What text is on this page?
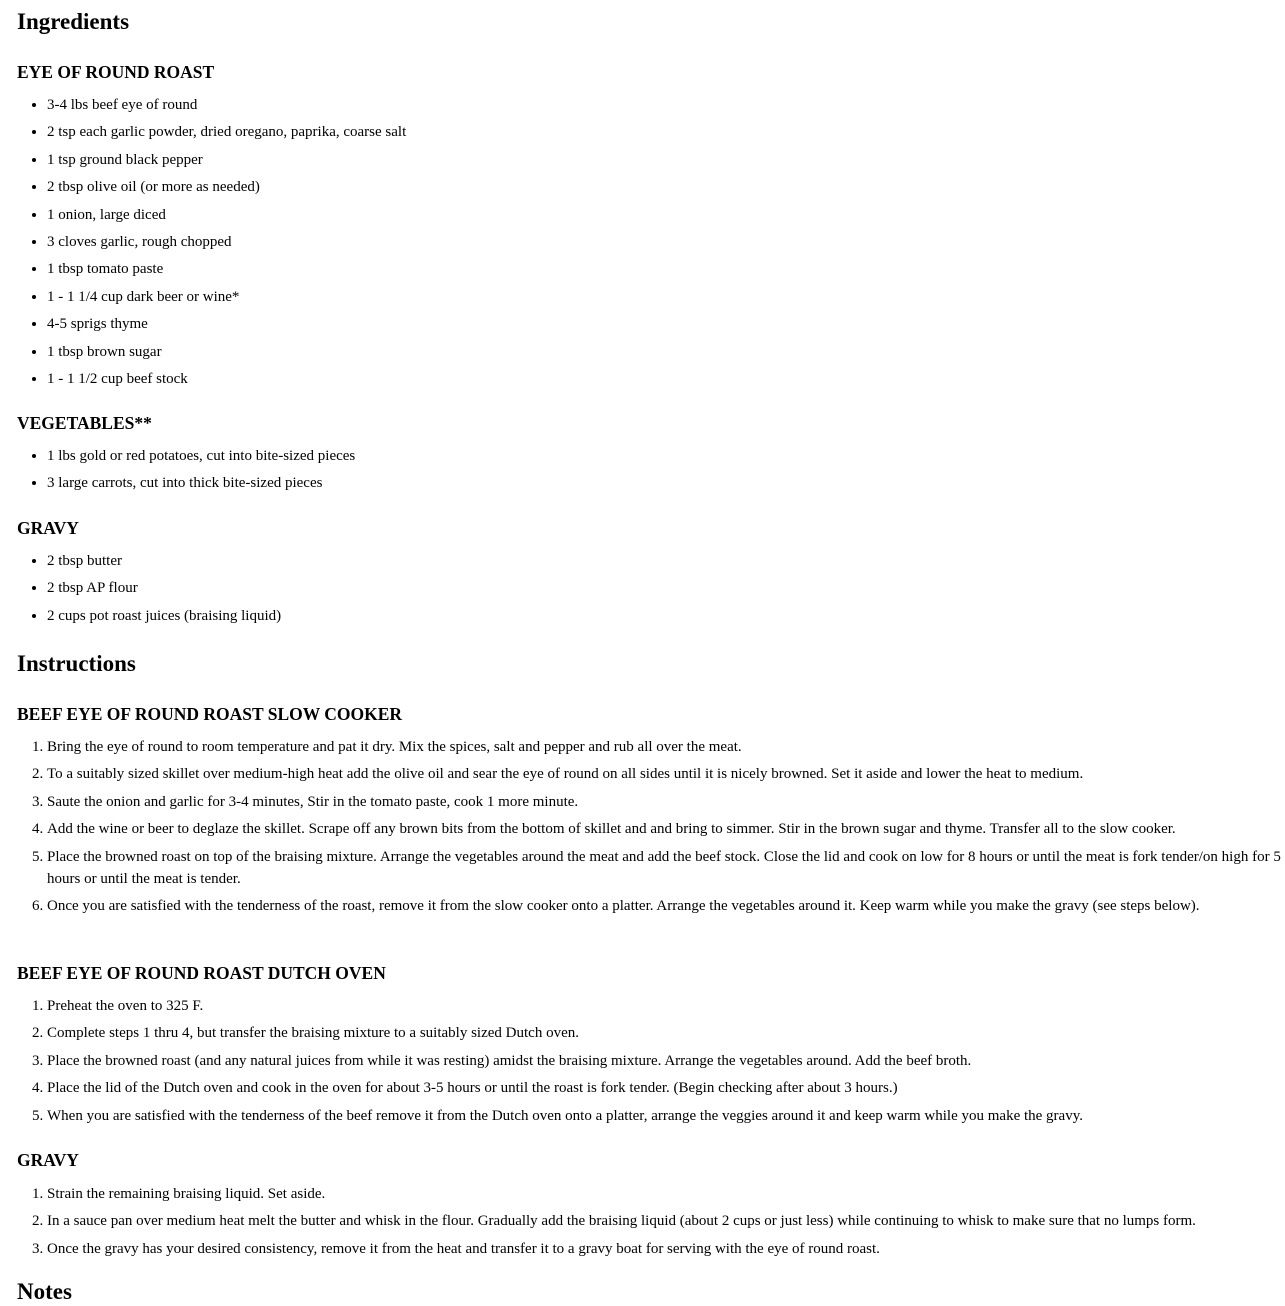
Ingredients
EYE OF ROUND ROAST
• 3-4 lbs beef eye of round
• 2 tsp each garlic powder, dried oregano, paprika, coarse salt
• 1 tsp ground black pepper
• 2 tbsp olive oil (or more as needed)
• 1 onion, large diced
• 3 cloves garlic, rough chopped
• 1 tbsp tomato paste
• 1 - 1 1/4 cup dark beer or wine*
• 4-5 sprigs thyme
• 1 tbsp brown sugar
• 1 - 1 1/2 cup beef stock
VEGETABLES**
• 1 lbs gold or red potatoes, cut into bite-sized pieces
• 3 large carrots, cut into thick bite-sized pieces
GRAVY
• 2 tbsp butter
• 2 tbsp AP flour
• 2 cups pot roast juices (braising liquid)
Instructions
BEEF EYE OF ROUND ROAST SLOW COOKER
1. Bring the eye of round to room temperature and pat it dry. Mix the spices, salt and pepper and rub all over the meat.
2. To a suitably sized skillet over medium-high heat add the olive oil and sear the eye of round on all sides until it is nicely browned. Set it aside and lower the heat to medium.
3. Saute the onion and garlic for 3-4 minutes, Stir in the tomato paste, cook 1 more minute.
4. Add the wine or beer to deglaze the skillet. Scrape off any brown bits from the bottom of skillet and and bring to simmer. Stir in the brown sugar and thyme. Transfer all to the slow cooker.
5. Place the browned roast on top of the braising mixture. Arrange the vegetables around the meat and add the beef stock. Close the lid and cook on low for 8 hours or until the meat is fork tender/on high for 5 hours or until the meat is tender.
6. Once you are satisfied with the tenderness of the roast, remove it from the slow cooker onto a platter. Arrange the vegetables around it. Keep warm while you make the gravy (see steps below).
BEEF EYE OF ROUND ROAST DUTCH OVEN
1. Preheat the oven to 325 F.
2. Complete steps 1 thru 4, but transfer the braising mixture to a suitably sized Dutch oven.
3. Place the browned roast (and any natural juices from while it was resting) amidst the braising mixture. Arrange the vegetables around. Add the beef broth.
4. Place the lid of the Dutch oven and cook in the oven for about 3-5 hours or until the roast is fork tender. (Begin checking after about 3 hours.)
5. When you are satisfied with the tenderness of the beef remove it from the Dutch oven onto a platter, arrange the veggies around it and keep warm while you make the gravy.
GRAVY
1. Strain the remaining braising liquid. Set aside.
2. In a sauce pan over medium heat melt the butter and whisk in the flour. Gradually add the braising liquid (about 2 cups or just less) while continuing to whisk to make sure that no lumps form.
3. Once the gravy has your desired consistency, remove it from the heat and transfer it to a gravy boat for serving with the eye of round roast.
Notes
